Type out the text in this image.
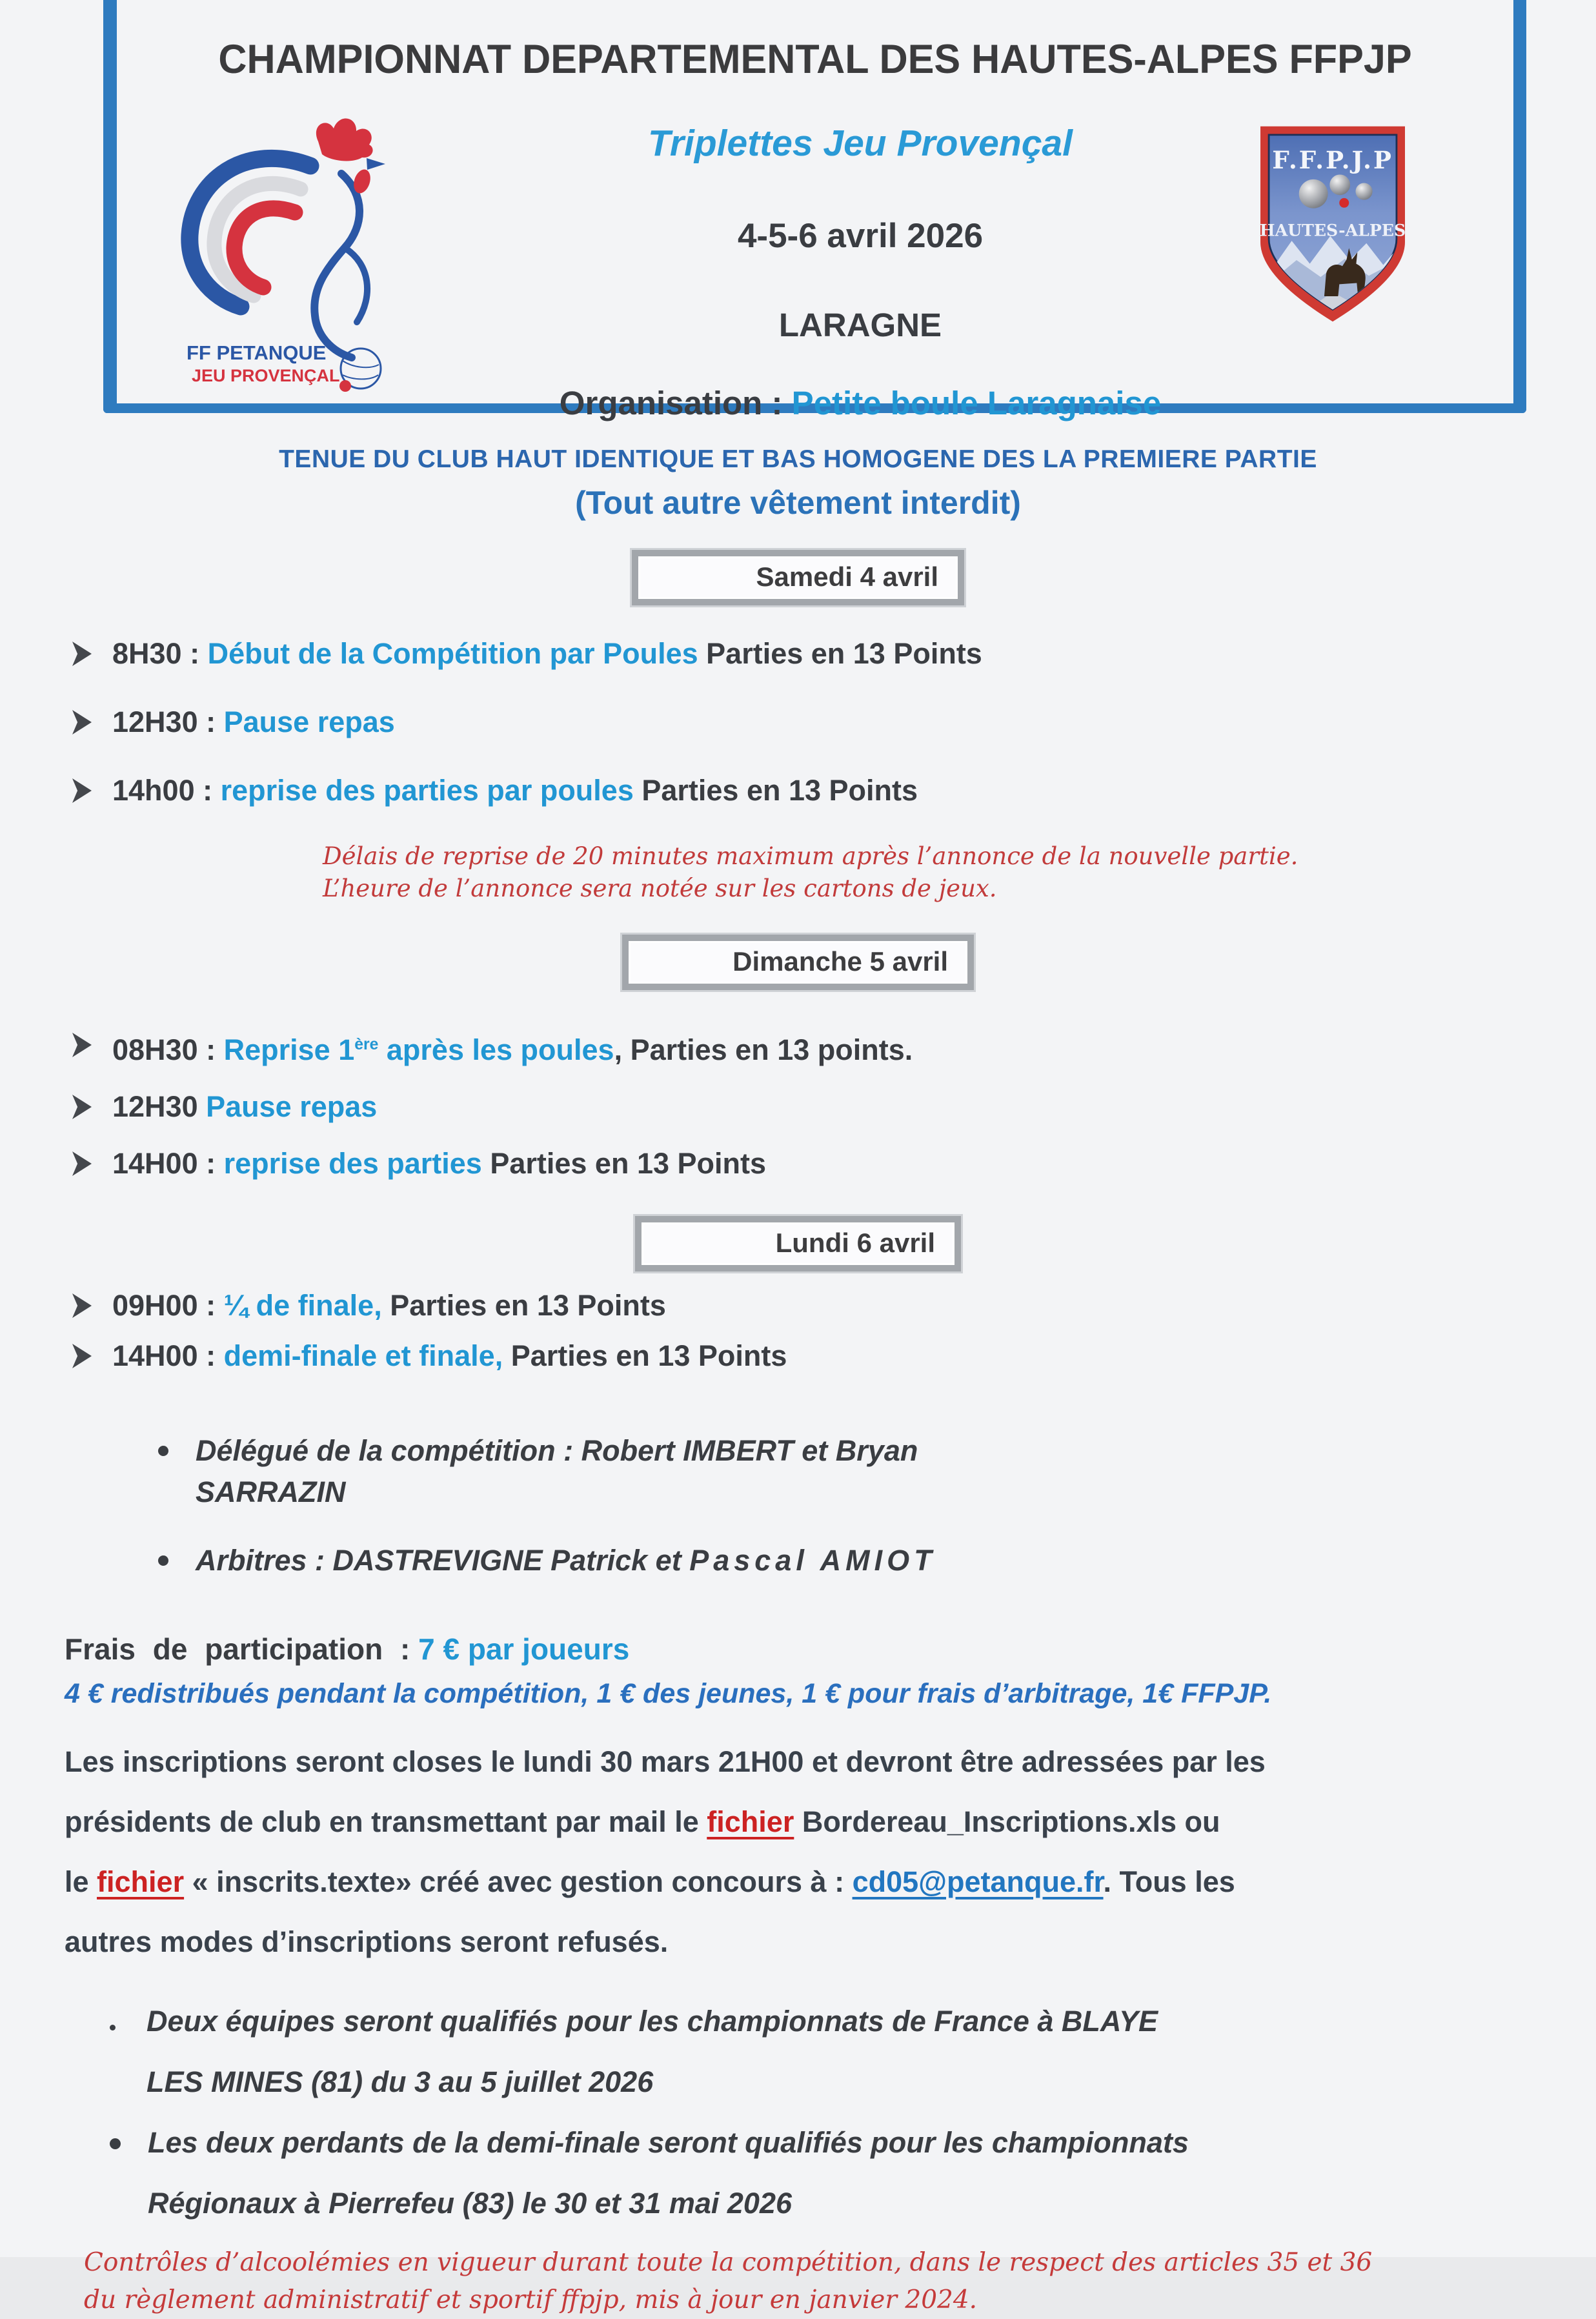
CHAMPIONNAT DEPARTEMENTAL DES HAUTES-ALPES FFPJP
FF PETANQUE
JEU PROVENÇAL
Triplettes Jeu Provençal
4-5-6 avril 2026
LARAGNE
Organisation : Petite boule Laragnaise
F.F.P.J.P
HAUTES-ALPES
TENUE DU CLUB HAUT IDENTIQUE ET BAS HOMOGENE DES LA PREMIERE PARTIE
(Tout autre vêtement interdit)
Samedi 4 avril
8H30 : Début de la Compétition par Poules Parties en 13 Points
12H30 : Pause repas
14h00 : reprise des parties par poules Parties en 13 Points
Délais de reprise de 20 minutes maximum après l’annonce de la nouvelle partie.
L’heure de l’annonce sera notée sur les cartons de jeux.
Dimanche 5 avril
08H30 : Reprise 1ère après les poules, Parties en 13 points.
12H30 Pause repas
14H00 : reprise des parties Parties en 13 Points
Lundi 6 avril
09H00 : ¼ de finale, Parties en 13 Points
14H00 : demi-finale et finale, Parties en 13 Points
Délégué de la compétition : Robert IMBERT et Bryan
SARRAZIN
Arbitres : DASTREVIGNE Patrick et Pascal AMIOT
Frais de participation : 7 € par joueurs
4 € redistribués pendant la compétition, 1 € des jeunes, 1 € pour frais d’arbitrage, 1€ FFPJP.
Les inscriptions seront closes le lundi 30 mars 21H00 et devront être adressées par les
présidents de club en transmettant par mail le fichier Bordereau_Inscriptions.xls ou
le fichier « inscrits.texte» créé avec gestion concours à : cd05@petanque.fr. Tous les
autres modes d’inscriptions seront refusés.
Deux équipes seront qualifiés pour les championnats de France à BLAYE
LES MINES (81) du 3 au 5 juillet 2026
Les deux perdants de la demi-finale seront qualifiés pour les championnats
Régionaux à Pierrefeu (83) le 30 et 31 mai 2026
Contrôles d’alcoolémies en vigueur durant toute la compétition, dans le respect des articles 35 et 36
du règlement administratif et sportif ffpjp, mis à jour en janvier 2024.
